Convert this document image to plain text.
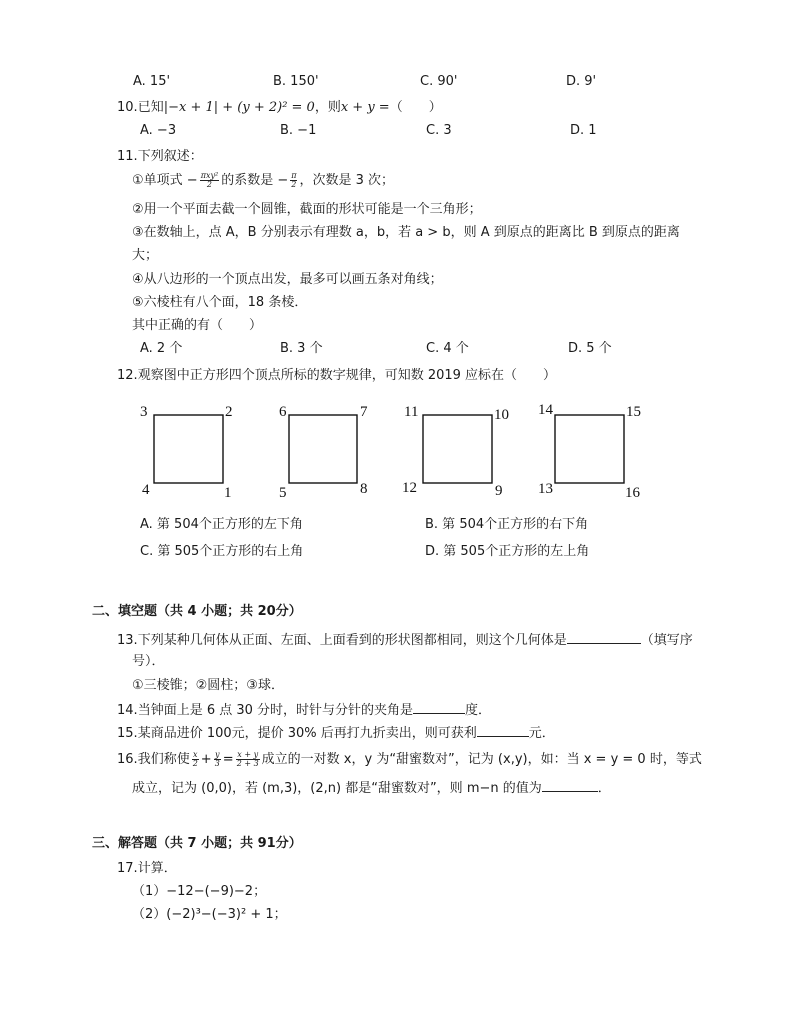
A. 15'	B. 150'	C. 90'	D. 9'
10.已知|−x + 1| + (y + 2)² = 0，则x + y =（　　）
A. −3	B. −1	C. 3	D. 1
11.下列叙述：
①单项式 − $\frac{\text{πxy²}}{2}$ 的系数是 − $\frac{\pi}{2}$ ，次数是 3 次；
②用一个平面去截一个圆锥，截面的形状可能是一个三角形；
③在数轴上，点 A，B 分别表示有理数 a，b，若 a > b，则 A 到原点的距离比 B 到原点的距离
大；
④从八边形的一个顶点出发，最多可以画五条对角线；
⑤六棱柱有八个面，18 条棱．
其中正确的有（　　）
A. 2 个	B. 3 个	C. 4 个	D. 5 个
12.观察图中正方形四个顶点所标的数字规律，可知数 2019 应标在（　　）
3	2
4	1
6	7
5	8
11	10
12	9
14	15
13	16
A. 第 504个正方形的左下角	B. 第 504个正方形的右下角
C. 第 505个正方形的右上角	D. 第 505个正方形的左上角
二、填空题（共 4 小题；共 20分）
13.下列某种几何体从正面、左面、上面看到的形状图都相同，则这个几何体是	（填写序
号）．
①三棱锥；②圆柱；③球．
14.当钟面上是 6 点 30 分时，时针与分针的夹角是	度．
15.某商品进价 100元，提价 30% 后再打九折卖出，则可获利	元．
16.我们称使 $\frac{x}{2} + \frac{y}{3} = \frac{x + y}{2 + 3}$ 成立的一对数 x，y 为“甜蜜数对”，记为 (x,y)，如：当 x = y = 0 时，等式
成立，记为 (0,0)，若 (m,3)，(2,n) 都是“甜蜜数对”，则 m−n 的值为	．
三、解答题（共 7 小题；共 91分）
17.计算．
（1）−12−(−9)−2；
（2）(−2)³−(−3)² + 1；
